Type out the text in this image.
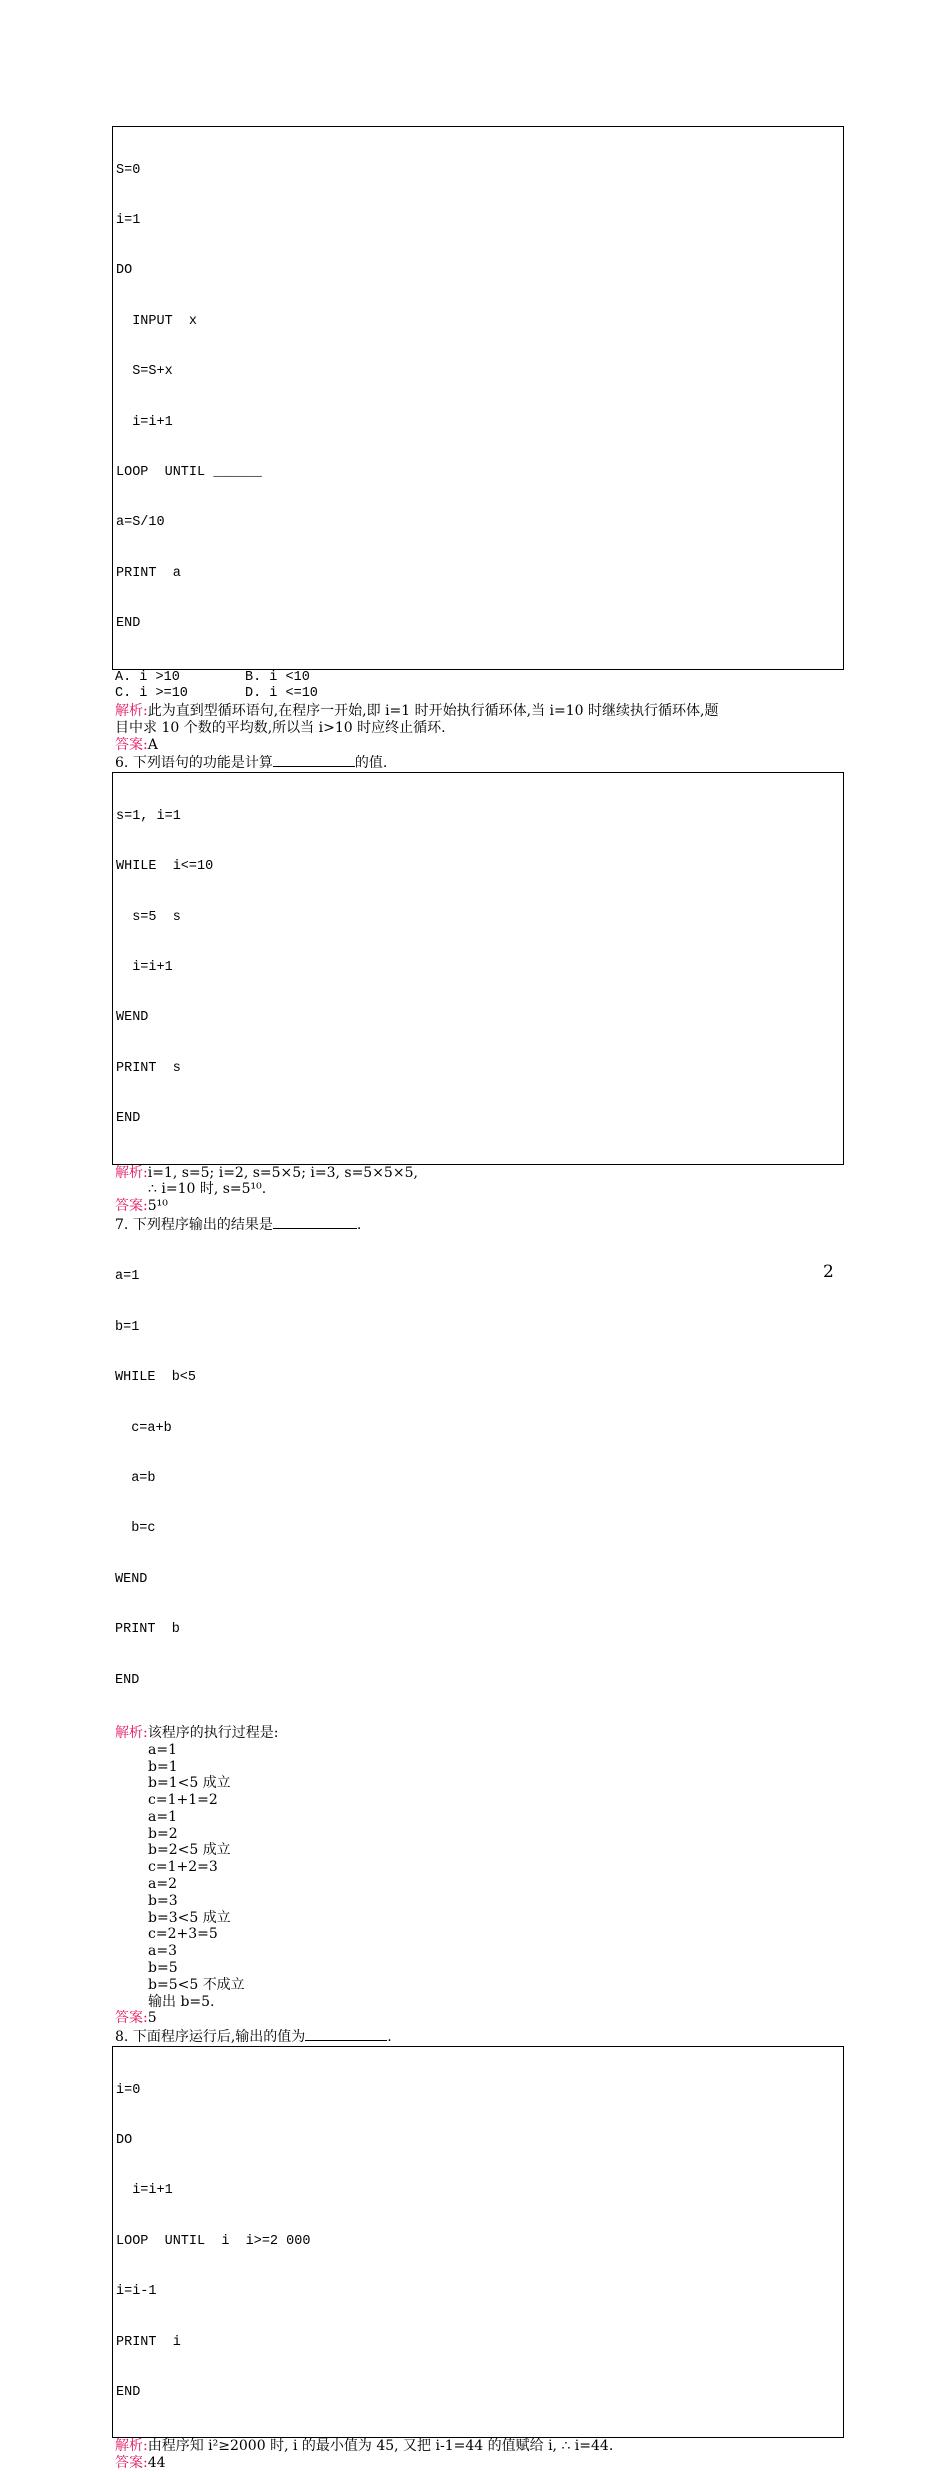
S=0

i=1

DO

INPUT  x

S=S+x

i=i+1

LOOP  UNTIL ______

a=S/10

PRINT  a

END

A. i >10	B. i <10
C. i >=10	D. i <=10
解析:此为直到型循环语句,在程序一开始,即 i=1 时开始执行循环体,当 i=10 时继续执行循环体,题
目中求 10 个数的平均数,所以当 i>10 时应终止循环.
答案:A
6. 下列语句的功能是计算	的值.

s=1, i=1

WHILE  i<=10

s=5  s

i=i+1

WEND

PRINT  s

END

解析:i=1, s=5; i=2, s=5×5; i=3, s=5×5×5,
∴ i=10 时, s=5¹⁰.
答案:5¹⁰
7. 下列程序输出的结果是	.

a=1

b=1

WHILE  b<5

c=a+b

a=b

b=c

WEND

PRINT  b

END

解析:该程序的执行过程是:
a=1
b=1
b=1<5 成立
c=1+1=2
a=1
b=2
b=2<5 成立
c=1+2=3
a=2
b=3
b=3<5 成立
c=2+3=5
a=3
b=5
b=5<5 不成立
输出 b=5.
答案:5
8. 下面程序运行后,输出的值为	.

i=0

DO

i=i+1

LOOP  UNTIL  i  i>=2 000

i=i-1

PRINT  i

END

解析:由程序知 i²≥2000 时, i 的最小值为 45, 又把 i-1=44 的值赋给 i, ∴ i=44.
答案:44
2
